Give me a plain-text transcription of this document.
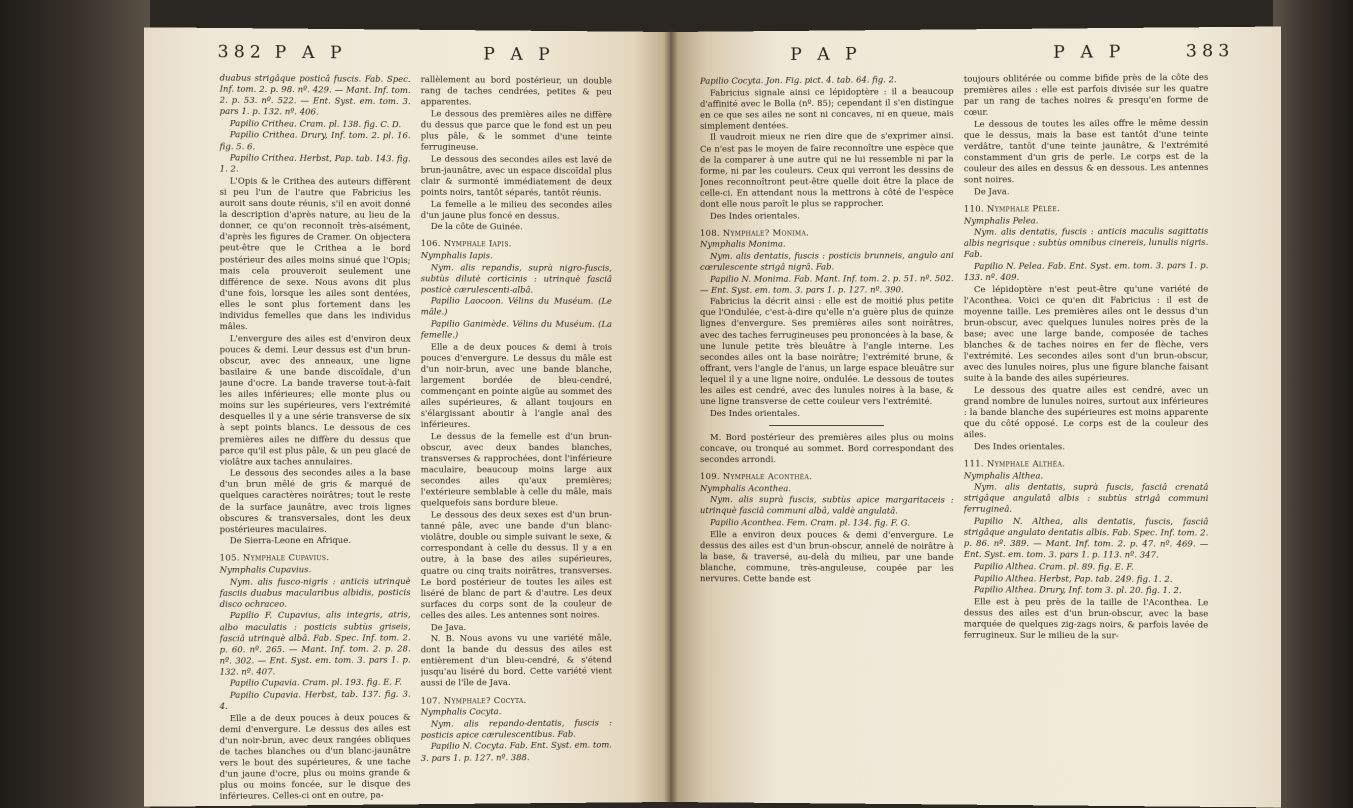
382 P A P	P A P

duabus strigâque posticâ fuscis. Fab. Spec. Inf. tom. 2. p. 98. nº. 429. — Mant. Inf. tom. 2. p. 53. nº. 522. — Ent. Syst. em. tom. 3. pars 1. p. 132. nº. 406.

Papilio Crithea. Cram. pl. 138. fig. C. D.

Papilio Crithea. Drury, Inf. tom. 2. pl. 16. fig. 5. 6.

Papilio Crithea. Herbst, Pap. tab. 143. fig. 1. 2.

L'Opis & le Crithea des auteurs diffèrent si peu l'un de l'autre que Fabricius les auroit sans doute réunis, s'il en avoit donné la description d'après nature, au lieu de la donner, ce qu'on reconnoît très-aisément, d'après les figures de Cramer. On objectera peut-être que le Crithea a le bord postérieur des ailes moins sinué que l'Opis; mais cela prouveroit seulement une différence de sexe. Nous avons dit plus d'une fois, lorsque les ailes sont dentées, elles le sont plus fortement dans les individus femelles que dans les individus mâles.

L'envergure des ailes est d'environ deux pouces & demi. Leur dessus est d'un brun-obscur, avec des anneaux, une ligne basilaire & une bande discoïdale, d'un jaune d'ocre. La bande traverse tout-à-fait les ailes inférieures; elle monte plus ou moins sur les supérieures, vers l'extrémité desquelles il y a une série transverse de six à sept points blancs. Le dessous de ces premières ailes ne diffère du dessus que parce qu'il est plus pâle, & un peu glacé de violâtre aux taches annulaires.

Le dessous des secondes ailes a la base d'un brun mêlé de gris & marqué de quelques caractères noirâtres; tout le reste de la surface jaunâtre, avec trois lignes obscures & transversales, dont les deux postérieures maculaires.

De Sierra-Leone en Afrique.

105. Nymphale Cupavius.

Nymphalis Cupavius.

Nym. alis fusco-nigris : anticis utrinquè fasciis duabus macularibus albidis, posticis disco ochraceo.

Papilio F. Cupavius, alis integris, atris, albo maculatis : posticis subtùs griseis, fasciâ utrinquè albâ. Fab. Spec. Inf. tom. 2. p. 60. nº. 265. — Mant. Inf. tom. 2. p. 28. nº. 302. — Ent. Syst. em. tom. 3. pars 1. p. 132. nº. 407.

Papilio Cupavia. Cram. pl. 193. fig. E. F.

Papilio Cupavia. Herbst, tab. 137. fig. 3. 4.

Elle a de deux pouces à deux pouces & demi d'envergure. Le dessus des ailes est d'un noir-brun, avec deux rangées obliques de taches blanches ou d'un blanc-jaunâtre vers le bout des supérieures, & une tache d'un jaune d'ocre, plus ou moins grande & plus ou moins foncée, sur le disque des inférieures. Celles-ci ont en outre, pa-

rallèlement au bord postérieur, un double rang de taches cendrées, petites & peu apparentes.

Le dessous des premières ailes ne diffère du dessus que parce que le fond est un peu plus pâle, & le sommet d'une teinte ferrugineuse.

Le dessous des secondes ailes est lavé de brun-jaunâtre, avec un espace discoïdal plus clair & surmonté immédiatement de deux points noirs, tantôt séparés, tantôt réunis.

La femelle a le milieu des secondes ailes d'un jaune plus foncé en dessus.

De la côte de Guinée.

106. Nymphale Iapis.

Nymphalis Iapis.

Nym. alis repandis, suprà nigro-fuscis, subtùs dilutè corticinis : utrinquè fasciâ posticè cærulescenti-albâ.

Papilio Laocoon. Vélins du Muséum. (Le mâle.)

Papilio Ganimède. Vélins du Muséum. (La femelle.)

Elle a de deux pouces & demi à trois pouces d'envergure. Le dessus du mâle est d'un noir-brun, avec une bande blanche, largement bordée de bleu-cendré, commençant en pointe aigüe au sommet des ailes supérieures, & allant toujours en s'élargissant aboutir à l'angle anal des inférieures.

Le dessus de la femelle est d'un brun-obscur, avec deux bandes blanches, transverses & rapprochées, dont l'inférieure maculaire, beaucoup moins large aux secondes ailes qu'aux premières; l'extérieure semblable à celle du mâle, mais quelquefois sans bordure bleue.

Le dessous des deux sexes est d'un brun-tanné pâle, avec une bande d'un blanc-violâtre, double ou simple suivant le sexe, & correspondant à celle du dessus. Il y a en outre, à la base des ailes supérieures, quatre ou cinq traits noirâtres, transverses. Le bord postérieur de toutes les ailes est liséré de blanc de part & d'autre. Les deux surfaces du corps sont de la couleur de celles des ailes. Les antennes sont noires.

De Java.

N. B. Nous avons vu une variété mâle, dont la bande du dessus des ailes est entièrement d'un bleu-cendré, & s'étend jusqu'au liséré du bord. Cette variété vient aussi de l'île de Java.

107. Nymphale? Cocyta.

Nymphalis Cocyta.

Nym. alis repando-dentatis, fuscis : posticis apice cærulescentibus. Fab.

Papilio N. Cocyta. Fab. Ent. Syst. em. tom. 3. pars 1. p. 127. nº. 388.

P A P	P A P	383

Papilio Cocyta. Jon. Fig. pict. 4. tab. 64. fig. 2.

Fabricius signale ainsi ce lépidoptère : il a beaucoup d'affinité avec le Bolla (nº. 85); cependant il s'en distingue en ce que ses ailes ne sont ni concaves, ni en queue, mais simplement dentées.

Il vaudroit mieux ne rien dire que de s'exprimer ainsi. Ce n'est pas le moyen de faire reconnoître une espèce que de la comparer à une autre qui ne lui ressemble ni par la forme, ni par les couleurs. Ceux qui verront les dessins de Jones reconnoîtront peut-être quelle doit être la place de celle-ci. En attendant nous la mettrons à côté de l'espèce dont elle nous paroît le plus se rapprocher.

Des Indes orientales.

108. Nymphale? Monima.

Nymphalis Monima.

Nym. alis dentatis, fuscis : posticis brunneis, angulo ani cœrulescente strigâ nigrâ. Fab.

Papilio N. Monima. Fab. Mant. Inf. tom. 2. p. 51. nº. 502. — Ent. Syst. em. tom. 3. pars 1. p. 127. nº. 390.

Fabricius la décrit ainsi : elle est de moitié plus petite que l'Ondulée, c'est-à-dire qu'elle n'a guère plus de quinze lignes d'envergure. Ses premières ailes sont noirâtres, avec des taches ferrugineuses peu prononcées à la base, & une lunule petite très bleuâtre à l'angle interne. Les secondes ailes ont la base noirâtre; l'extrémité brune, & offrant, vers l'angle de l'anus, un large espace bleuâtre sur lequel il y a une ligne noire, ondulée. Le dessous de toutes les ailes est cendré, avec des lunules noires à la base, & une ligne transverse de cette couleur vers l'extrémité.

Des Indes orientales.

M. Bord postérieur des premières ailes plus ou moins concave, ou tronqué au sommet. Bord correspondant des secondes arrondi.

109. Nymphale Aconthéa.

Nymphalis Acontheа.

Nym. alis suprà fuscis, subtùs apice margaritaceis : utrinquè fasciâ communi albâ, valdè angulatâ.

Papilio Aconthea. Fem. Cram. pl. 134. fig. F. G.

Elle a environ deux pouces & demi d'envergure. Le dessus des ailes est d'un brun-obscur, annelé de noirâtre à la base, & traversé, au-delà du milieu, par une bande blanche, commune, très-anguleuse, coupée par les nervures. Cette bande est

toujours oblitérée ou comme bifide près de la côte des premières ailes : elle est parfois divisée sur les quatre par un rang de taches noires & presqu'en forme de cœur.

Le dessous de toutes les ailes offre le même dessin que le dessus, mais la base est tantôt d'une teinte verdâtre, tantôt d'une teinte jaunâtre, & l'extrémité constamment d'un gris de perle. Le corps est de la couleur des ailes en dessus & en dessous. Les antennes sont noires.

De Java.

110. Nymphale Pélée.

Nymphalis Pelea.

Nym. alis dentatis, fuscis : anticis maculis sagittatis albis negrisque : subtùs omnibus cinereis, lunulis nigris. Fab.

Papilio N. Pelea. Fab. Ent. Syst. em. tom. 3. pars 1. p. 133. nº. 409.

Ce lépidoptère n'est peut-être qu'une variété de l'Aconthea. Voici ce qu'en dit Fabricius : il est de moyenne taille. Les premières ailes ont le dessus d'un brun-obscur, avec quelques lunules noires près de la base; avec une large bande, composée de taches blanches & de taches noires en fer de flèche, vers l'extrémité. Les secondes ailes sont d'un brun-obscur, avec des lunules noires, plus une figure blanche faisant suite à la bande des ailes supérieures.

Le dessous des quatre ailes est cendré, avec un grand nombre de lunules noires, surtout aux inférieures : la bande blanche des supérieures est moins apparente que du côté opposé. Le corps est de la couleur des ailes.

Des Indes orientales.

111. Nymphale Althéa.

Nymphalis Althea.

Nym. alis dentatis, suprà fuscis, fasciâ crenatâ strigâque angulatâ albis : subtùs strigâ communi ferrugineâ.

Papilio N. Althea, alis dentatis, fuscis, fasciâ strigâque angulato dentatis albis. Fab. Spec. Inf. tom. 2. p. 86. nº. 389. — Mant. Inf. tom. 2. p. 47. nº. 469. — Ent. Syst. em. tom. 3. pars 1. p. 113. nº. 347.

Papilio Althea. Cram. pl. 89. fig. E. F.

Papilio Althea. Herbst, Pap. tab. 249. fig. 1. 2.

Papilio Althea. Drury, Inf. tom 3. pl. 20. fig. 1. 2.

Elle est à peu près de la taille de l'Aconthea. Le dessus des ailes est d'un brun-obscur, avec la base marquée de quelques zig-zags noirs, & parfois lavée de ferrugineux. Sur le milieu de la sur-
